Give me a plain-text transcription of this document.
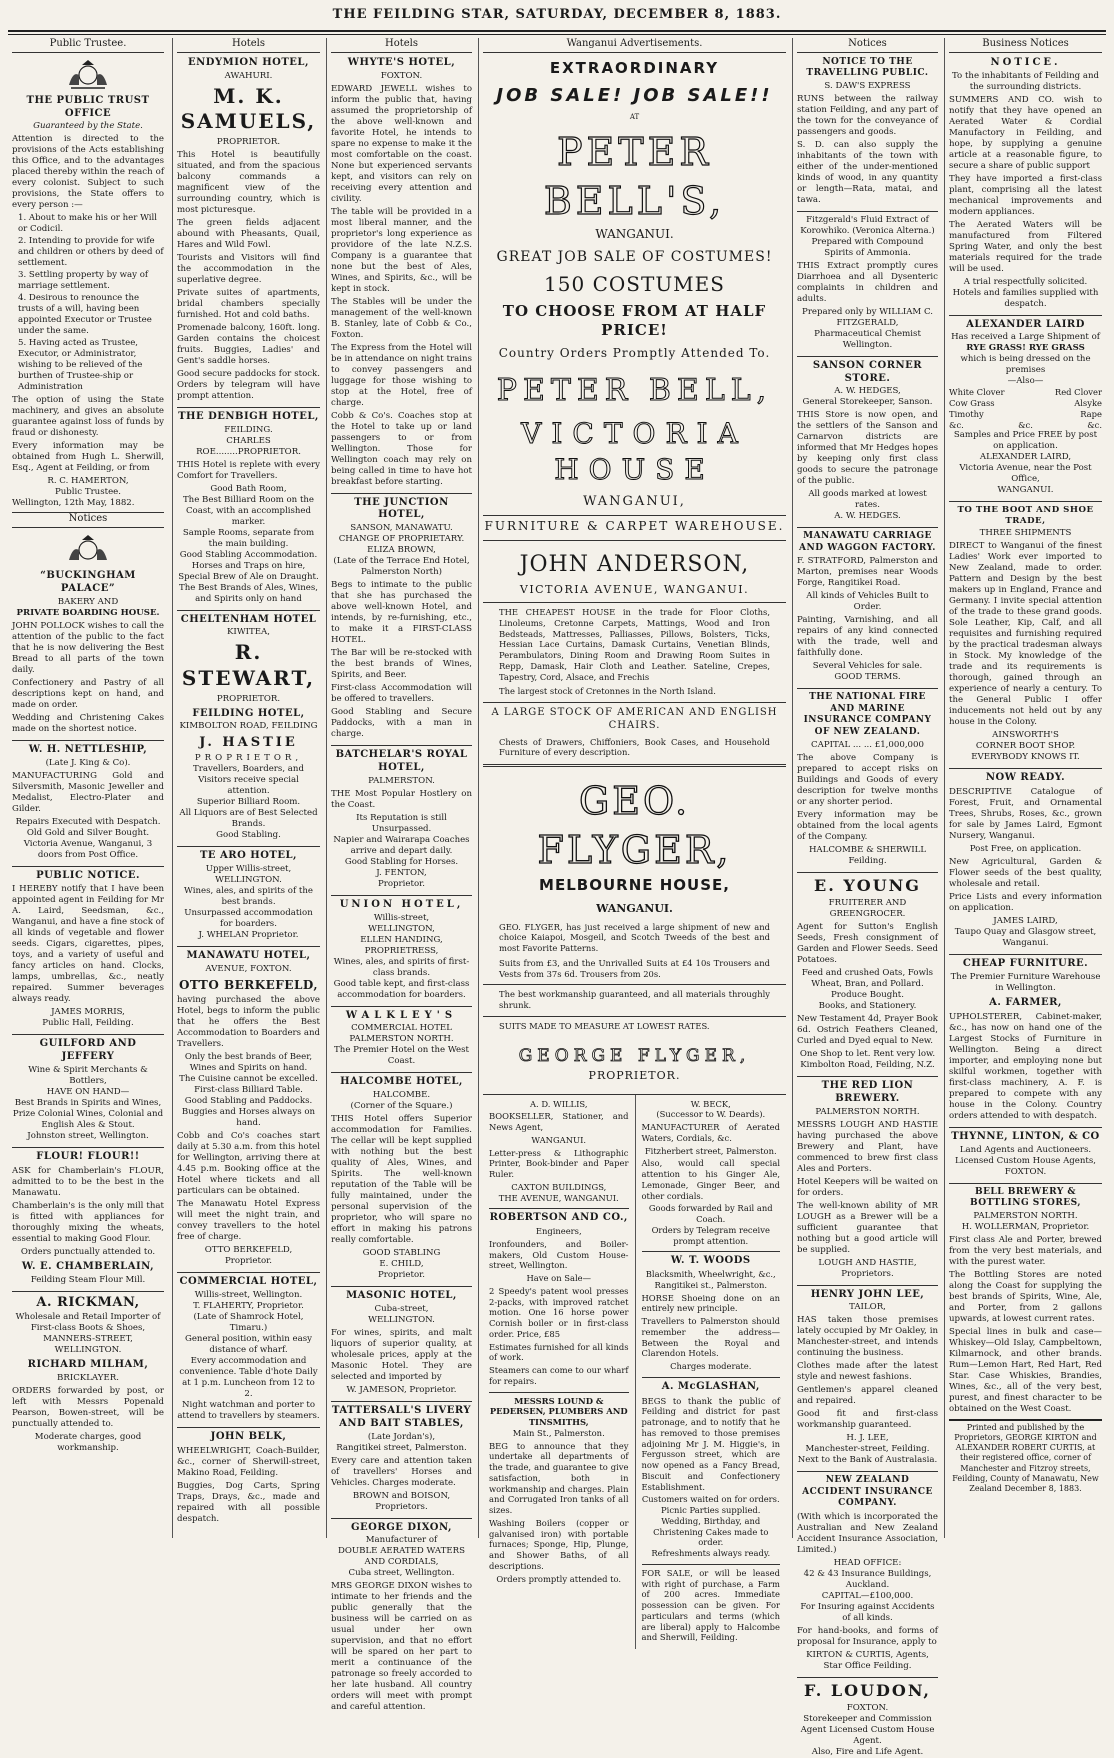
THE FEILDING STAR, SATURDAY, DECEMBER 8, 1883.
Public Trustee.
THE PUBLIC TRUST OFFICE
Guaranteed by the State.
Attention is directed to the provisions of the Acts establishing this Office, and to the advantages placed thereby within the reach of every colonist. Subject to such provisions, the State offers to every person :—
1. About to make his or her Will or Codicil.
2. Intending to provide for wife and children or others by deed of settlement.
3. Settling property by way of marriage settlement.
4. Desirous to renounce the trusts of a will, having been appointed Executor or Trustee under the same.
5. Having acted as Trustee, Executor, or Administrator, wishing to be relieved of the burthen of Trustee-ship or Administration
The option of using the State machinery, and gives an absolute guarantee against loss of funds by fraud or dishonesty.
Every information may be obtained from Hugh L. Sherwill, Esq., Agent at Feilding, or from
R. C. HAMERTON,
Public Trustee.
Wellington, 12th May, 1882.
Notices
“BUCKINGHAM PALACE”
BAKERY AND
PRIVATE BOARDING HOUSE.
JOHN POLLOCK wishes to call the attention of the public to the fact that he is now delivering the Best Bread to all parts of the town daily.
Confectionery and Pastry of all descriptions kept on hand, and made on order.
Wedding and Christening Cakes made on the shortest notice.
W. H. NETTLESHIP,
(Late J. King & Co).
MANUFACTURING Gold and Silversmith, Masonic Jeweller and Medalist, Electro-Plater and Gilder.
Repairs Executed with Despatch.
Old Gold and Silver Bought.
Victoria Avenue, Wanganui, 3 doors from Post Office.
PUBLIC NOTICE.
I HEREBY notify that I have been appointed agent in Feilding for Mr A. Laird, Seedsman, &c., Wanganui, and have a fine stock of all kinds of vegetable and flower seeds. Cigars, cigarettes, pipes, toys, and a variety of useful and fancy articles on hand. Clocks, lamps, umbrellas, &c., neatly repaired. Summer beverages always ready.
JAMES MORRIS,
Public Hall, Feilding.
GUILFORD AND JEFFERY
Wine & Spirit Merchants & Bottlers,
HAVE ON HAND—
Best Brands in Spirits and Wines, Prize Colonial Wines, Colonial and English Ales & Stout.
Johnston street, Wellington.
FLOUR! FLOUR!!
ASK for Chamberlain's FLOUR, admitted to to be the best in the Manawatu.
Chamberlain's is the only mill that is fitted with appliances for thoroughly mixing the wheats, essential to making Good Flour.
Orders punctually attended to.
W. E. CHAMBERLAIN,
Feilding Steam Flour Mill.
A. RICKMAN,
Wholesale and Retail Importer of
First-class Boots & Shoes,
MANNERS-STREET, WELLINGTON.
RICHARD MILHAM,
BRICKLAYER.
ORDERS forwarded by post, or left with Messrs Popenald Pearson, Bowen-street, will be punctually attended to.
Moderate charges, good workmanship.
Hotels
ENDYMION HOTEL,
AWAHURI.
M. K. SAMUELS,
PROPRIETOR.
This Hotel is beautifully situated, and from the spacious balcony commands a magnificent view of the surrounding country, which is most picturesque.
The green fields adjacent abound with Pheasants, Quail, Hares and Wild Fowl.
Tourists and Visitors will find the accommodation in the superlative degree.
Private suites of apartments, bridal chambers specially furnished. Hot and cold baths.
Promenade balcony, 160ft. long. Garden contains the choicest fruits. Buggies, Ladies' and Gent's saddle horses.
Good secure paddocks for stock. Orders by telegram will have prompt attention.
THE DENBIGH HOTEL,
FEILDING.
CHARLES ROE........PROPRIETOR.
THIS Hotel is replete with every Comfort for Travellers.
Good Bath Room,
The Best Billiard Room on the Coast, with an accomplished marker.
Sample Rooms, separate from the main building.
Good Stabling Accommodation.
Horses and Traps on hire,
Special Brew of Ale on Draught.
The Best Brands of Ales, Wines, and Spirits only on hand
CHELTENHAM HOTEL
KIWITEA,
R. STEWART,
PROPRIETOR.
FEILDING HOTEL,
KIMBOLTON ROAD, FEILDING
J. HASTIE
PROPRIETOR,
Travellers, Boarders, and Visitors receive special attention.
Superior Billiard Room.
All Liquors are of Best Selected Brands.
Good Stabling.
TE ARO HOTEL,
Upper Willis-street,
WELLINGTON.
Wines, ales, and spirits of the best brands.
Unsurpassed accommodation for boarders.
J. WHELAN Proprietor.
MANAWATU HOTEL,
AVENUE, FOXTON.
OTTO BERKEFELD,
having purchased the above Hotel, begs to inform the public that he offers the Best Accommodation to Boarders and Travellers.
Only the best brands of Beer, Wines and Spirits on hand.
The Cuisine cannot be excelled.
First-class Billiard Table.
Good Stabling and Paddocks.
Buggies and Horses always on hand.
Cobb and Co's coaches start daily at 5.30 a.m. from this hotel for Wellington, arriving there at 4.45 p.m. Booking office at the Hotel where tickets and all particulars can be obtained.
The Manawatu Hotel Express will meet the night train, and convey travellers to the hotel free of charge.
OTTO BERKEFELD,
Proprietor.
COMMERCIAL HOTEL,
Willis-street, Wellington.
T. FLAHERTY, Proprietor.
(Late of Shamrock Hotel, Timaru.)
General position, within easy distance of wharf.
Every accommodation and convenience. Table d'hote Daily at 1 p.m. Luncheon from 12 to 2.
Night watchman and porter to attend to travellers by steamers.
JOHN BELK,
WHEELWRIGHT, Coach-Builder, &c., corner of Sherwill-street, Makino Road, Feilding.
Buggies, Dog Carts, Spring Traps, Drays, &c., made and repaired with all possible despatch.
Hotels
WHYTE'S HOTEL,
FOXTON.
EDWARD JEWELL wishes to inform the public that, having assumed the proprietorship of the above well-known and favorite Hotel, he intends to spare no expense to make it the most comfortable on the coast. None but experienced servants kept, and visitors can rely on receiving every attention and civility.
The table will be provided in a most liberal manner, and the proprietor's long experience as providore of the late N.Z.S. Company is a guarantee that none but the best of Ales, Wines, and Spirits, &c., will be kept in stock.
The Stables will be under the management of the well-known B. Stanley, late of Cobb & Co., Foxton.
The Express from the Hotel will be in attendance on night trains to convey passengers and luggage for those wishing to stop at the Hotel, free of charge.
Cobb & Co's. Coaches stop at the Hotel to take up or land passengers to or from Wellington. Those for Wellington coach may rely on being called in time to have hot breakfast before starting.
THE JUNCTION HOTEL,
SANSON, MANAWATU.
CHANGE OF PROPRIETARY.
ELIZA BROWN,
(Late of the Terrace End Hotel, Palmerston North)
Begs to intimate to the public that she has purchased the above well-known Hotel, and intends, by re-furnishing, etc., to make it a FIRST-CLASS HOTEL.
The Bar will be re-stocked with the best brands of Wines, Spirits, and Beer.
First-class Accommodation will be offered to travellers.
Good Stabling and Secure Paddocks, with a man in charge.
BATCHELAR'S ROYAL HOTEL,
PALMERSTON.
THE Most Popular Hostlery on the Coast.
Its Reputation is still Unsurpassed.
Napier and Wairarapa Coaches arrive and depart daily.
Good Stabling for Horses.
J. FENTON,
Proprietor.
UNION HOTEL,
Willis-street,
WELLINGTON,
ELLEN HANDING, PROPRIETRESS,
Wines, ales, and spirits of first-class brands.
Good table kept, and first-class accommodation for boarders.
WALKLEY'S
COMMERCIAL HOTEL
PALMERSTON NORTH.
The Premier Hotel on the West Coast.
HALCOMBE HOTEL,
HALCOMBE.
(Corner of the Square.)
THIS Hotel offers Superior accommodation for Families. The cellar will be kept supplied with nothing but the best quality of Ales, Wines, and Spirits. The well-known reputation of the Table will be fully maintained, under the personal supervision of the proprietor, who will spare no effort in making his patrons really comfortable.
GOOD STABLING
E. CHILD,
Proprietor.
MASONIC HOTEL,
Cuba-street,
WELLINGTON.
For wines, spirits, and malt liquors of superior quality, at wholesale prices, apply at the Masonic Hotel. They are selected and imported by
W. JAMESON, Proprietor.
TATTERSALL'S LIVERY AND BAIT STABLES,
(Late Jordan's),
Rangitikei street, Palmerston.
Every care and attention taken of travellers' Horses and Vehicles. Charges moderate.
BROWN and BOISON, Proprietors.
GEORGE DIXON,
Manufacturer of
DOUBLE AERATED WATERS AND CORDIALS,
Cuba street, Wellington.
MRS GEORGE DIXON wishes to intimate to her friends and the public generally that the business will be carried on as usual under her own supervision, and that no effort will be spared on her part to merit a continuance of the patronage so freely accorded to her late husband. All country orders will meet with prompt and careful attention.
Wanganui Advertisements.
EXTRAORDINARY
JOB SALE! JOB SALE!!
AT
PETER BELL'S,
WANGANUI.
GREAT JOB SALE OF COSTUMES!
150 COSTUMES
TO CHOOSE FROM AT HALF PRICE!
Country Orders Promptly Attended To.
PETER BELL,
VICTORIA HOUSE
WANGANUI,
FURNITURE & CARPET WAREHOUSE.
JOHN ANDERSON,
VICTORIA AVENUE, WANGANUI.
THE CHEAPEST HOUSE in the trade for Floor Cloths, Linoleums, Cretonne Carpets, Mattings, Wood and Iron Bedsteads, Mattresses, Palliasses, Pillows, Bolsters, Ticks, Hessian Lace Curtains, Damask Curtains, Venetian Blinds, Perambulators, Dining Room and Drawing Room Suites in Repp, Damask, Hair Cloth and Leather. Sateline, Crepes, Tapestry, Cord, Alsace, and Frechis
The largest stock of Cretonnes in the North Island.
A LARGE STOCK OF AMERICAN AND ENGLISH CHAIRS.
Chests of Drawers, Chiffoniers, Book Cases, and Household Furniture of every description.
GEO. FLYGER,
MELBOURNE HOUSE,
WANGANUI.
GEO. FLYGER, has just received a large shipment of new and choice Kaiapoi, Mosgeil, and Scotch Tweeds of the best and most Favorite Patterns.
Suits from £3, and the Unrivalled Suits at £4 10s Trousers and Vests from 37s 6d. Trousers from 20s.
The best workmanship guaranteed, and all materials throughly shrunk.
SUITS MADE TO MEASURE AT LOWEST RATES.
GEORGE FLYGER,
PROPRIETOR.
A. D. WILLIS,
BOOKSELLER, Stationer, and News Agent,
WANGANUI.
Letter-press & Lithographic Printer, Book-binder and Paper Ruler.
CAXTON BUILDINGS,
THE AVENUE, WANGANUI.
ROBERTSON AND CO.,
Engineers,
Ironfounders, and Boiler-makers, Old Custom House-street, Wellington.
Have on Sale—
2 Speedy's patent wool presses 2-packs, with improved ratchet motion. One 16 horse power Cornish boiler or in first-class order. Price, £85
Estimates furnished for all kinds of work.
Steamers can come to our wharf for repairs.
MESSRS LOUND & PEDERSEN, PLUMBERS AND TINSMITHS,
Main St., Palmerston.
BEG to announce that they undertake all departments of the trade, and guarantee to give satisfaction, both in workmanship and charges. Plain and Corrugated Iron tanks of all sizes.
Washing Boilers (copper or galvanised iron) with portable furnaces; Sponge, Hip, Plunge, and Shower Baths, of all descriptions.
Orders promptly attended to.
W. BECK,
(Successor to W. Deards).
MANUFACTURER of Aerated Waters, Cordials, &c.
Fitzherbert street, Palmerston.
Also, would call special attention to his Ginger Ale, Lemonade, Ginger Beer, and other cordials.
Goods forwarded by Rail and Coach.
Orders by Telegram receive prompt attention.
W. T. WOODS
Blacksmith, Wheelwright, &c.,
Rangitikei st., Palmerston.
HORSE Shoeing done on an entirely new principle.
Travellers to Palmerston should remember the address—Between the Royal and Clarendon Hotels.
Charges moderate.
A. McGLASHAN,
BEGS to thank the public of Feilding and district for past patronage, and to notify that he has removed to those premises adjoining Mr J. M. Higgie's, in Fergusson street, which are now opened as a Fancy Bread, Biscuit and Confectionery Establishment.
Customers waited on for orders. Picnic Parties supplied.
Wedding, Birthday, and Christening Cakes made to order.
Refreshments always ready.
FOR SALE, or will be leased with right of purchase, a Farm of 200 acres. Immediate possession can be given. For particulars and terms (which are liberal) apply to Halcombe and Sherwill, Feilding.
Notices
NOTICE TO THE TRAVELLING PUBLIC.
S. DAW'S EXPRESS
RUNS between the railway station Feilding, and any part of the town for the conveyance of passengers and goods.
S. D. can also supply the inhabitants of the town with either of the under-mentioned kinds of wood, in any quantity or length—Rata, matai, and tawa.
Fitzgerald's Fluid Extract of Korowhiko. (Veronica Alterna.)
Prepared with Compound Spirits of Ammonia.
THIS Extract promptly cures Diarrhoea and all Dysenteric complaints in children and adults.
Prepared only by WILLIAM C. FITZGERALD,
Pharmaceutical Chemist Wellington.
SANSON CORNER STORE.
A. W. HEDGES,
General Storekeeper, Sanson.
THIS Store is now open, and the settlers of the Sanson and Carnarvon districts are informed that Mr Hedges hopes by keeping only first class goods to secure the patronage of the public.
All goods marked at lowest rates.
A. W. HEDGES.
MANAWATU CARRIAGE AND WAGGON FACTORY.
F. STRATFORD, Palmerston and Marton, premises near Woods Forge, Rangitikei Road.
All kinds of Vehicles Built to Order.
Painting, Varnishing, and all repairs of any kind connected with the trade, well and faithfully done.
Several Vehicles for sale.
GOOD TERMS.
THE NATIONAL FIRE AND MARINE INSURANCE COMPANY OF NEW ZEALAND.
CAPITAL ... ... £1,000,000
The above Company is prepared to accept risks on Buildings and Goods of every description for twelve months or any shorter period.
Every information may be obtained from the local agents of the Company.
HALCOMBE & SHERWILL
Feilding.
E. YOUNG
FRUITERER AND GREENGROCER.
Agent for Sutton's English Seeds, Fresh consignment of Garden and Flower Seeds. Seed Potatoes.
Feed and crushed Oats, Fowls Wheat, Bran, and Pollard.
Produce Bought.
Books, and Stationery.
New Testament 4d, Prayer Book 6d. Ostrich Feathers Cleaned, Curled and Dyed equal to New.
One Shop to let. Rent very low. Kimbolton Road, Feilding, N.Z.
THE RED LION BREWERY.
PALMERSTON NORTH.
MESSRS LOUGH AND HASTIE having purchased the above Brewery and Plant, have commenced to brew first class Ales and Porters.
Hotel Keepers will be waited on for orders.
The well-known ability of MR LOUGH as a Brewer will be a sufficient guarantee that nothing but a good article will be supplied.
LOUGH AND HASTIE,
Proprietors.
HENRY JOHN LEE,
TAILOR,
HAS taken those premises lately occupied by Mr Oakley, in Manchester-street, and intends continuing the business.
Clothes made after the latest style and newest fashions.
Gentlemen's apparel cleaned and repaired.
Good fit and first-class workmanship guaranteed.
H. J. LEE,
Manchester-street, Feilding.
Next to the Bank of Australasia.
NEW ZEALAND ACCIDENT INSURANCE COMPANY.
(With which is incorporated the Australian and New Zealand Accident Insurance Association, Limited.)
HEAD OFFICE:
42 & 43 Insurance Buildings, Auckland.
CAPITAL—£100,000.
For Insuring against Accidents of all kinds.
For hand-books, and forms of proposal for Insurance, apply to
KIRTON & CURTIS, Agents,
Star Office Feilding.
F. LOUDON,
FOXTON.
Storekeeper and Commission Agent Licensed Custom House Agent.
Also, Fire and Life Agent.
Business Notices
NOTICE.
To the inhabitants of Feilding and the surrounding districts.
SUMMERS AND CO. wish to notify that they have opened an Aerated Water & Cordial Manufactory in Feilding, and hope, by supplying a genuine article at a reasonable figure, to secure a share of public support
They have imported a first-class plant, comprising all the latest mechanical improvements and modern appliances.
The Aerated Waters will be manufactured from Filtered Spring Water, and only the best materials required for the trade will be used.
A trial respectfully solicited.
Hotels and families supplied with despatch.
ALEXANDER LAIRD
Has received a Large Shipment of
RYE GRASS! RYE GRASS
which is being dressed on the premises
—Also—
White Clover	Red Clover
Cow Grass	Alsyke
Timothy	Rape
&c.	&c.	&c.
Samples and Price FREE by post on application.
ALEXANDER LAIRD,
Victoria Avenue, near the Post Office,
WANGANUI.
TO THE BOOT AND SHOE TRADE,
THREE SHIPMENTS
DIRECT to Wanganui of the finest Ladies' Work ever imported to New Zealand, made to order. Pattern and Design by the best makers up in England, France and Germany. I invite special attention of the trade to these grand goods. Sole Leather, Kip, Calf, and all requisites and furnishing required by the practical tradesman always in Stock. My knowledge of the trade and its requirements is thorough, gained through an experience of nearly a century. To the General Public I offer inducements not held out by any house in the Colony.
AINSWORTH'S
CORNER BOOT SHOP.
EVERYBODY KNOWS IT.
NOW READY.
DESCRIPTIVE Catalogue of Forest, Fruit, and Ornamental Trees, Shrubs, Roses, &c., grown for sale by James Laird, Egmont Nursery, Wanganui.
Post Free, on application.
New Agricultural, Garden & Flower seeds of the best quality, wholesale and retail.
Price Lists and every information on application.
JAMES LAIRD,
Taupo Quay and Glasgow street,
Wanganui.
CHEAP FURNITURE.
The Premier Furniture Warehouse in Wellington.
A. FARMER,
UPHOLSTERER, Cabinet-maker, &c., has now on hand one of the Largest Stocks of Furniture in Wellington. Being a direct importer, and employing none but skilful workmen, together with first-class machinery, A. F. is prepared to compete with any house in the Colony. Country orders attended to with despatch.
THYNNE, LINTON, & CO
Land Agents and Auctioneers.
Licensed Custom House Agents,
FOXTON.
BELL BREWERY & BOTTLING STORES,
PALMERSTON NORTH.
H. WOLLERMAN, Proprietor.
First class Ale and Porter, brewed from the very best materials, and with the purest water.
The Bottling Stores are noted along the Coast for supplying the best brands of Spirits, Wine, Ale, and Porter, from 2 gallons upwards, at lowest current rates.
Special lines in bulk and case—Whiskey—Old Islay, Campbeltown, Kilmarnock, and other brands. Rum—Lemon Hart, Red Hart, Red Star. Case Whiskies, Brandies, Wines, &c., all of the very best, purest, and finest character to be obtained on the West Coast.
Printed and published by the Proprietors, GEORGE KIRTON and ALEXANDER ROBERT CURTIS, at their registered office, corner of Manchester and Fitzroy streets, Feilding, County of Manawatu, New Zealand December 8, 1883.
